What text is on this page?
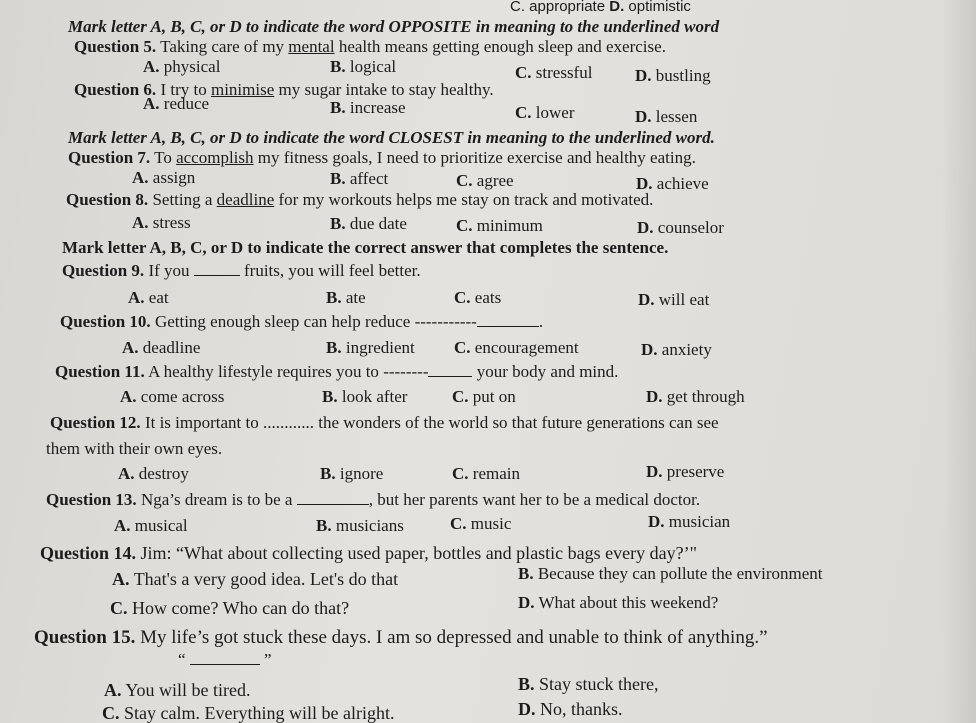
C. appropriate D. optimistic
Mark letter A, B, C, or D to indicate the word OPPOSITE in meaning to the underlined word
Question 5. Taking care of my mental health means getting enough sleep and exercise.
A. physical	B. logical	C. stressful	D. bustling
Question 6. I try to minimise my sugar intake to stay healthy.
A. reduce	B. increase	C. lower	D. lessen
Mark letter A, B, C, or D to indicate the word CLOSEST in meaning to the underlined word.
Question 7. To accomplish my fitness goals, I need to prioritize exercise and healthy eating.
A. assign	B. affect	C. agree	D. achieve
Question 8. Setting a deadline for my workouts helps me stay on track and motivated.
A. stress	B. due date	C. minimum	D. counselor
Mark letter A, B, C, or D to indicate the correct answer that completes the sentence.
Question 9. If you	fruits, you will feel better.
A. eat	B. ate	C. eats	D. will eat
Question 10. Getting enough sleep can help reduce -----------	.
A. deadline	B. ingredient C. encouragement	D. anxiety
Question 11. A healthy lifestyle requires you to --------	your body and mind.
A. come across	B. look after	C. put on	D. get through
Question 12. It is important to ............ the wonders of the world so that future generations can see
them with their own eyes.
A. destroy	B. ignore	C. remain	D. preserve
Question 13. Nga’s dream is to be a	, but her parents want her to be a medical doctor.
A. musical	B. musicians	C. music	D. musician
Question 14. Jim: “What about collecting used paper, bottles and plastic bags every day?’"
A. That's a very good idea. Let's do that	B. Because they can pollute the environment
C. How come? Who can do that?	D. What about this weekend?
Question 15. My life’s got stuck these days. I am so depressed and unable to think of anything.”
“	”
A. You will be tired.	B. Stay stuck there,
C. Stay calm. Everything will be alright.	D. No, thanks.
